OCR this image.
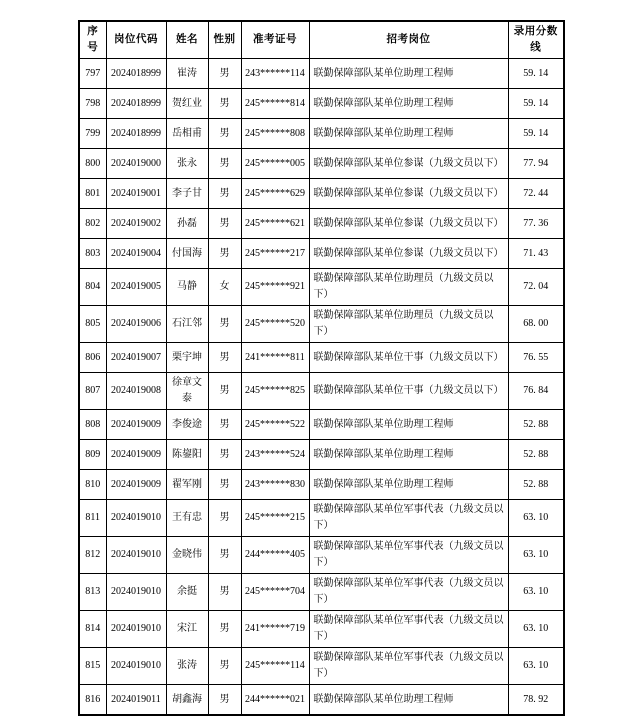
序号	岗位代码	姓名	性别	准考证号	招考岗位	录用分数线
797	2024018999	崔涛	男	243******114	联勤保障部队某单位助理工程师	59. 14
798	2024018999	贺红业	男	245******814	联勤保障部队某单位助理工程师	59. 14
799	2024018999	岳相甫	男	245******808	联勤保障部队某单位助理工程师	59. 14
800	2024019000	张永	男	245******005	联勤保障部队某单位参谋（九级文员以下）	77. 94
801	2024019001	李子甘	男	245******629	联勤保障部队某单位参谋（九级文员以下）	72. 44
802	2024019002	孙磊	男	245******621	联勤保障部队某单位参谋（九级文员以下）	77. 36
803	2024019004	付国海	男	245******217	联勤保障部队某单位参谋（九级文员以下）	71. 43
804	2024019005	马静	女	245******921	联勤保障部队某单位助理员（九级文员以下）	72. 04
805	2024019006	石江邻	男	245******520	联勤保障部队某单位助理员（九级文员以下）	68. 00
806	2024019007	栗宇坤	男	241******811	联勤保障部队某单位干事（九级文员以下）	76. 55
807	2024019008	徐章文泰	男	245******825	联勤保障部队某单位干事（九级文员以下）	76. 84
808	2024019009	李俊途	男	245******522	联勤保障部队某单位助理工程师	52. 88
809	2024019009	陈鋆阳	男	243******524	联勤保障部队某单位助理工程师	52. 88
810	2024019009	翟军刚	男	243******830	联勤保障部队某单位助理工程师	52. 88
811	2024019010	王有忠	男	245******215	联勤保障部队某单位军事代表（九级文员以下）	63. 10
812	2024019010	金晓伟	男	244******405	联勤保障部队某单位军事代表（九级文员以下）	63. 10
813	2024019010	余挺	男	245******704	联勤保障部队某单位军事代表（九级文员以下）	63. 10
814	2024019010	宋江	男	241******719	联勤保障部队某单位军事代表（九级文员以下）	63. 10
815	2024019010	张涛	男	245******114	联勤保障部队某单位军事代表（九级文员以下）	63. 10
816	2024019011	胡鑫海	男	244******021	联勤保障部队某单位助理工程师	78. 92
